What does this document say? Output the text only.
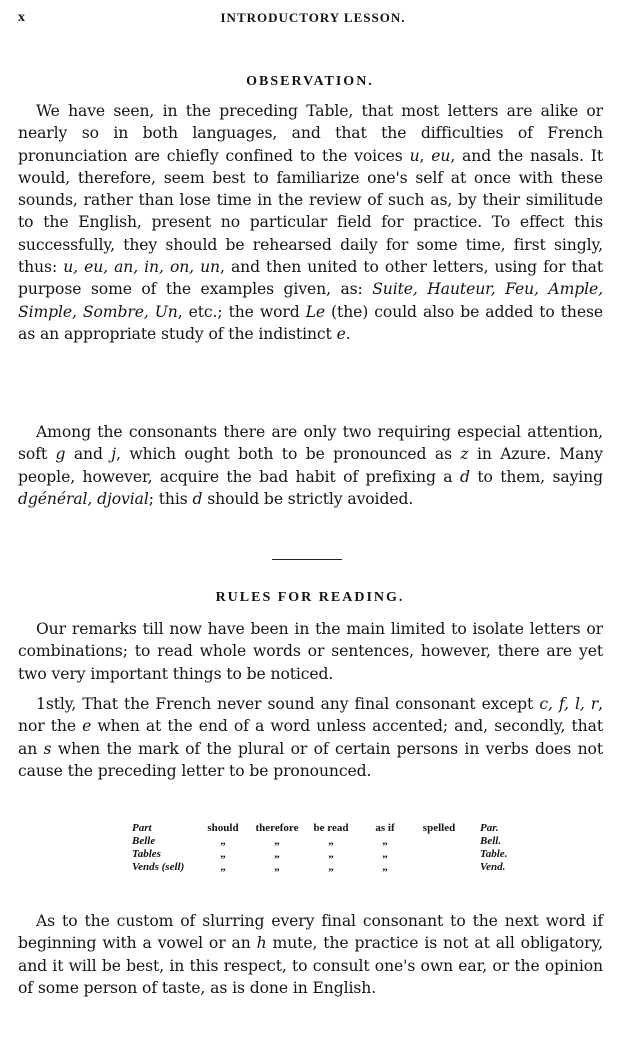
x	INTRODUCTORY LESSON.
OBSERVATION.

We have seen, in the preceding Table, that most letters are alike or nearly so in both languages, and that the difficulties of French pronunciation are chiefly confined to the voices u, eu, and the nasals. It would, therefore, seem best to familiarize one's self at once with these sounds, rather than lose time in the review of such as, by their similitude to the English, present no particular field for practice. To effect this successfully, they should be rehearsed daily for some time, first singly, thus: u, eu, an, in, on, un, and then united to other letters, using for that purpose some of the examples given, as: Suite, Hauteur, Feu, Ample, Simple, Sombre, Un, etc.; the word Le (the) could also be added to these as an appropriate study of the indistinct e.

Among the consonants there are only two requiring especial attention, soft g and j, which ought both to be pronounced as z in Azure. Many people, however, acquire the bad habit of prefixing a d to them, saying dgénéral, djovial; this d should be strictly avoided.

RULES FOR READING.

Our remarks till now have been in the main limited to isolate letters or combinations; to read whole words or sentences, however, there are yet two very important things to be noticed.

1stly, That the French never sound any final consonant except c, f, l, r, nor the e when at the end of a word unless accented; and, secondly, that an s when the mark of the plural or of certain persons in verbs does not cause the preceding letter to be pronounced.

Part	should	therefore	be read	as if	spelled	Par.
Belle	„	„	„	„		Bell.
Tables	„	„	„	„		Table.
Vends (sell)	„	„	„	„		Vend.

As to the custom of slurring every final consonant to the next word if beginning with a vowel or an h mute, the practice is not at all obligatory, and it will be best, in this respect, to consult one's own ear, or the opinion of some person of taste, as is done in English.
